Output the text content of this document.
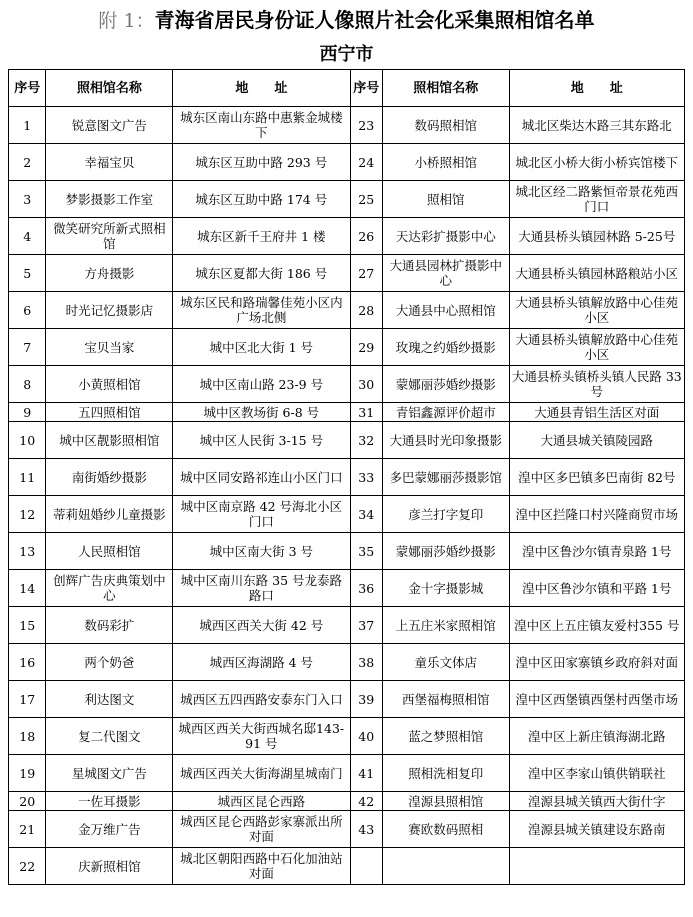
附 1：青海省居民身份证人像照片社会化采集照相馆名单
西宁市
序号	照相馆名称	地　　址	序号	照相馆名称	地　　址
1	锐意图文广告	城东区南山东路中惠紫金城楼下	23	数码照相馆	城北区柴达木路三其东路北
2	幸福宝贝	城东区互助中路 293 号	24	小桥照相馆	城北区小桥大街小桥宾馆楼下
3	梦影摄影工作室	城东区互助中路 174 号	25	照相馆	城北区经二路紫恒帝景花苑西门口
4	微笑研究所新式照相馆	城东区新千王府井 1 楼	26	天达彩扩摄影中心	大通县桥头镇园林路 5-25号
5	方舟摄影	城东区夏都大街 186 号	27	大通县园林扩摄影中心	大通县桥头镇园林路粮站小区
6	时光记忆摄影店	城东区民和路瑞馨佳苑小区内广场北侧	28	大通县中心照相馆	大通县桥头镇解放路中心佳苑小区
7	宝贝当家	城中区北大街 1 号	29	玫瑰之约婚纱摄影	大通县桥头镇解放路中心佳苑小区
8	小黄照相馆	城中区南山路 23-9 号	30	蒙娜丽莎婚纱摄影	大通县桥头镇桥头镇人民路 33 号
9	五四照相馆	城中区教场街 6-8 号	31	青铝鑫源评价超市	大通县青铝生活区对面
10	城中区靓影照相馆	城中区人民街 3-15 号	32	大通县时光印象摄影	大通县城关镇陵园路
11	南街婚纱摄影	城中区同安路祁连山小区门口	33	多巴蒙娜丽莎摄影馆	湟中区多巴镇多巴南街 82号
12	蒂莉妞婚纱儿童摄影	城中区南京路 42 号海北小区门口	34	彦兰打字复印	湟中区拦隆口村兴隆商贸市场
13	人民照相馆	城中区南大街 3 号	35	蒙娜丽莎婚纱摄影	湟中区鲁沙尔镇青泉路 1号
14	创辉广告庆典策划中心	城中区南川东路 35 号龙泰路路口	36	金十字摄影城	湟中区鲁沙尔镇和平路 1号
15	数码彩扩	城西区西关大街 42 号	37	上五庄米家照相馆	湟中区上五庄镇友爱村355 号
16	两个奶爸	城西区海湖路 4 号	38	童乐文体店	湟中区田家寨镇乡政府斜对面
17	利达图文	城西区五四西路安泰东门入口	39	西堡福梅照相馆	湟中区西堡镇西堡村西堡市场
18	复二代图文	城西区西关大街西城名邸143-91 号	40	蓝之梦照相馆	湟中区上新庄镇海湖北路
19	星城图文广告	城西区西关大街海湖星城南门	41	照相洗相复印	湟中区李家山镇供销联社
20	一佐耳摄影	城西区昆仑西路	42	湟源县照相馆	湟源县城关镇西大街什字
21	金万维广告	城西区昆仑西路彭家寨派出所对面	43	赛欧数码照相	湟源县城关镇建设东路南
22	庆新照相馆	城北区朝阳西路中石化加油站对面			
